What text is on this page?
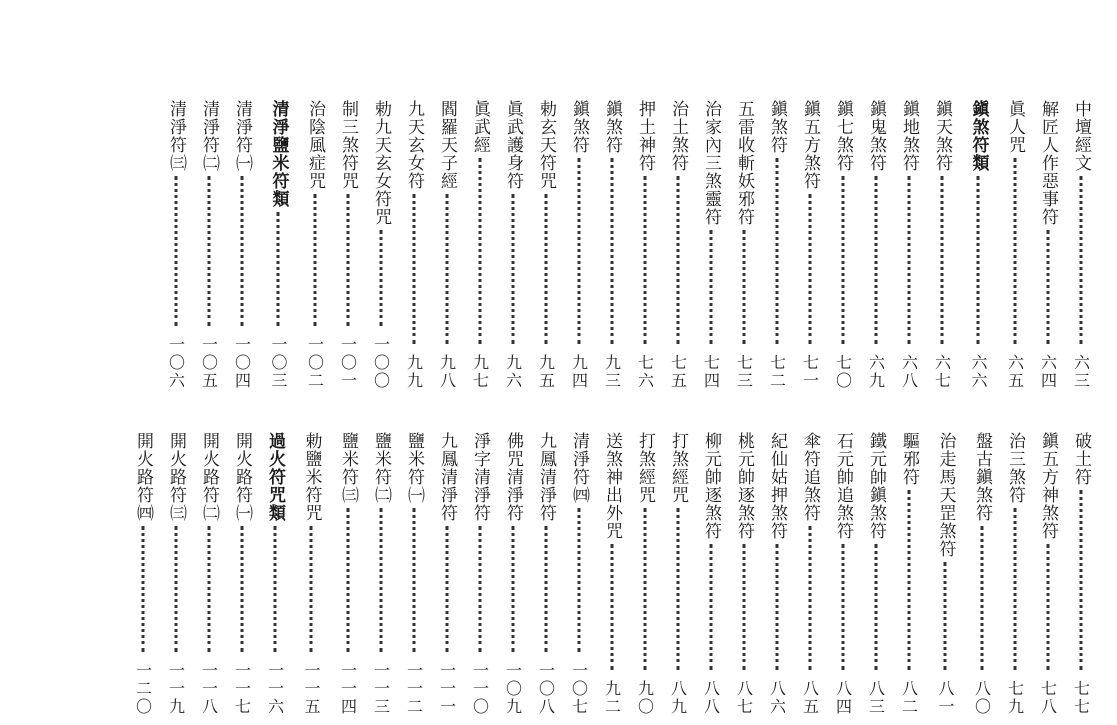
中壇經文
六三
解匠人作惡事符
六四
眞人咒
六五
鎭煞符類
六六
鎭天煞符
六七
鎭地煞符
六八
鎭鬼煞符
六九
鎭七煞符
七〇
鎭五方煞符
七一
鎭煞符
七二
五雷收斬妖邪符
七三
治家內三煞靈符
七四
治土煞符
七五
押土神符
七六
鎭煞符
九三
鎭煞符
九四
勅玄天符咒
九五
眞武護身符
九六
眞武經
九七
閻羅天子經
九八
九天玄女符
九九
勅九天玄女符咒
一〇〇
制三煞符咒
一〇一
治陰風症咒
一〇二
清淨鹽米符類
一〇三
清淨符㈠
一〇四
清淨符㈡
一〇五
清淨符㈢
一〇六
破土符
七七
鎭五方神煞符
七八
治三煞符
七九
盤古鎭煞符
八〇
治走馬天罡煞符
八一
驅邪符
八二
鐵元帥鎭煞符
八三
石元帥追煞符
八四
傘符追煞符
八五
紀仙姑押煞符
八六
桃元帥逐煞符
八七
柳元帥逐煞符
八八
打煞經咒
八九
打煞經咒
九〇
送煞神出外咒
九二
清淨符㈣
一〇七
九鳳清淨符
一〇八
佛咒清淨符
一〇九
淨字清淨符
一一〇
九鳳清淨符
一一一
鹽米符㈠
一一二
鹽米符㈡
一一三
鹽米符㈢
一一四
勅鹽米符咒
一一五
過火符咒類
一一六
開火路符㈠
一一七
開火路符㈡
一一八
開火路符㈢
一一九
開火路符㈣
一二〇
